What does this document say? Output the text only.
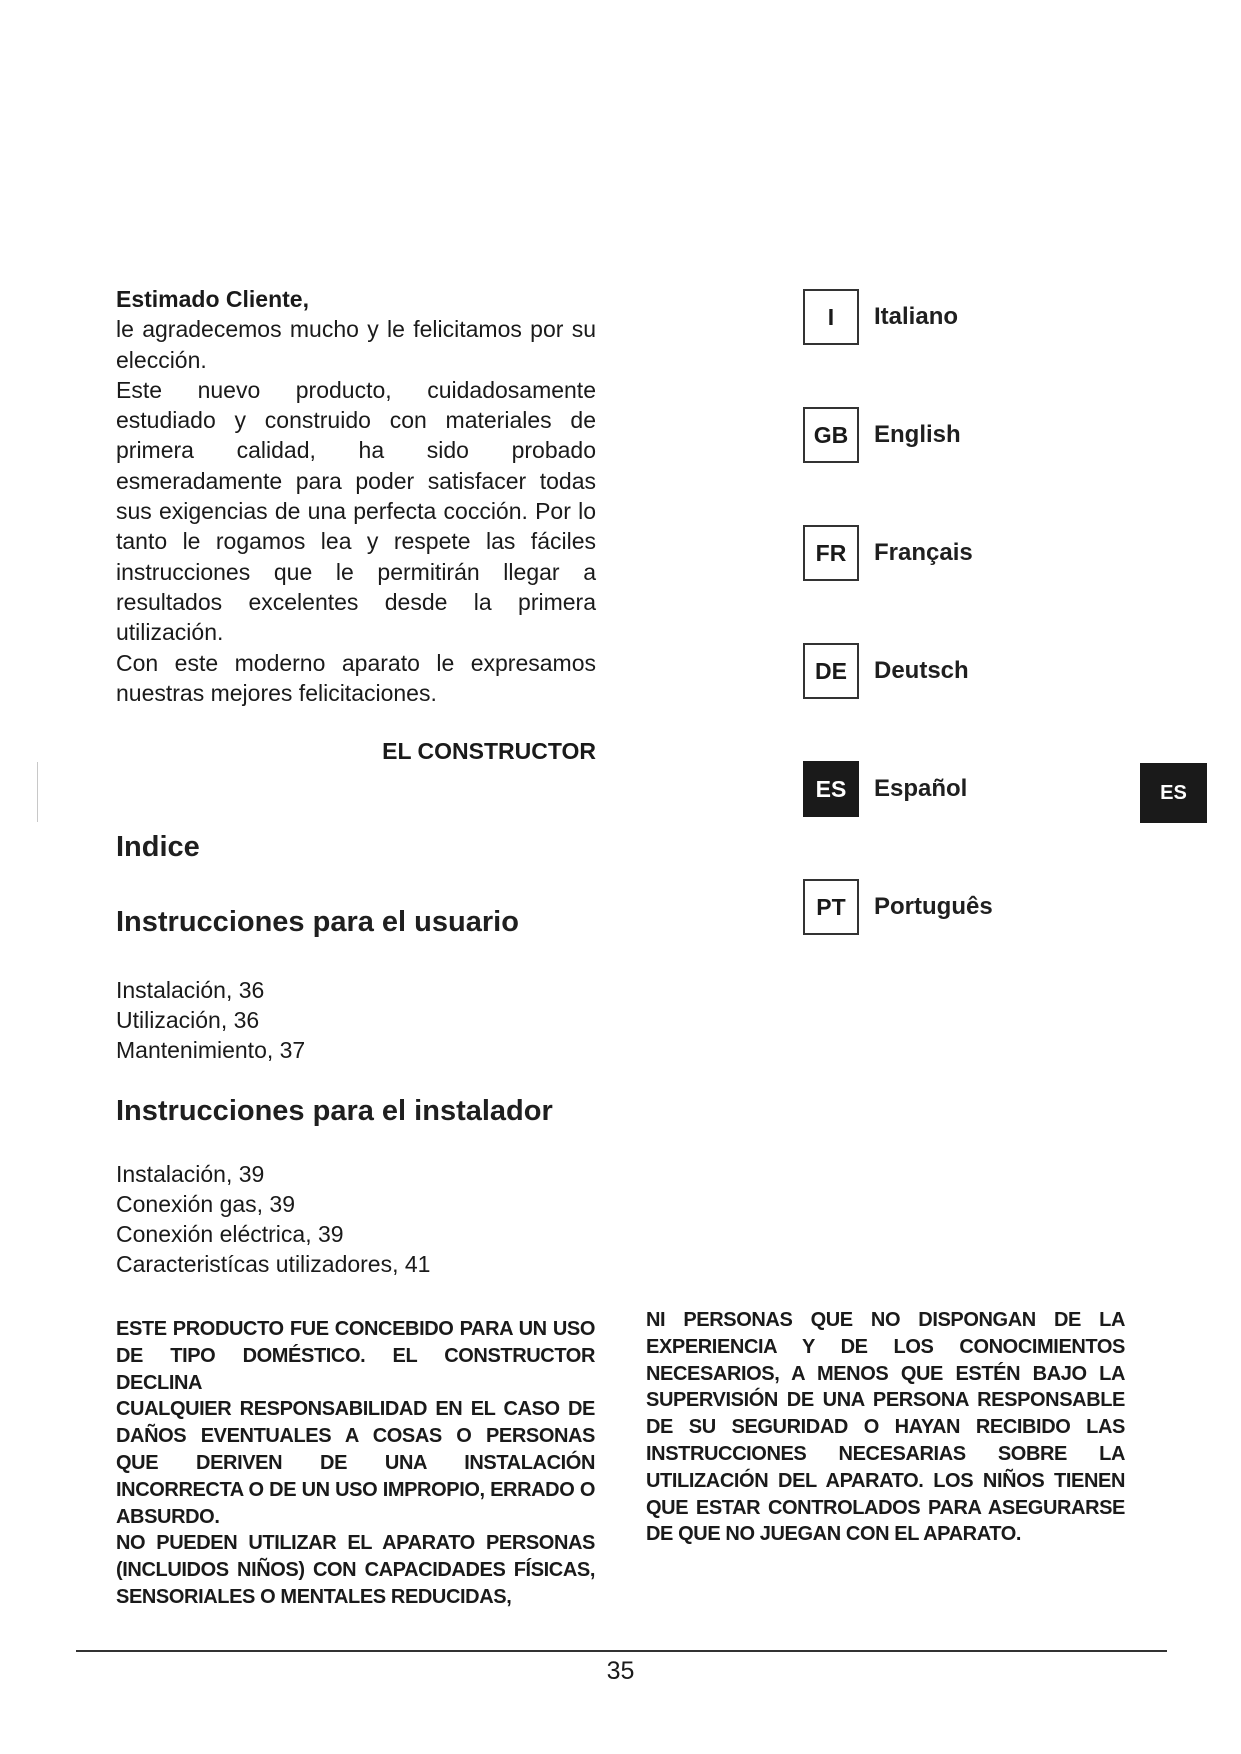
Estimado Cliente,

le agradecemos mucho y le felicitamos por su elección.

Este nuevo producto, cuidadosamente estudiado y construido con materiales de primera calidad, ha sido probado esmeradamente para poder satisfacer todas sus exigencias de una perfecta cocción. Por lo tanto le rogamos lea y respete las fáciles instrucciones que le permitirán llegar a resultados excelentes desde la primera utilización.

Con este moderno aparato le expresamos nuestras mejores felicitaciones.

EL CONSTRUCTOR
Indice
Instrucciones para el usuario
Instalación, 36
Utilización, 36
Mantenimiento, 37
Instrucciones para el instalador
Instalación, 39
Conexión gas, 39
Conexión eléctrica, 39
Caracteristícas utilizadores, 41
I	Italiano
GB	English
FR	Français
DE	Deutsch
ES	Español
PT	Português
ES

ESTE PRODUCTO FUE CONCEBIDO PARA UN USO DE TIPO DOMÉSTICO. EL CONSTRUCTOR DECLINA

CUALQUIER RESPONSABILIDAD EN EL CASO DE DAÑOS EVENTUALES A COSAS O PERSONAS QUE DERIVEN DE UNA INSTALACIÓN INCORRECTA O DE UN USO IMPROPIO, ERRADO O ABSURDO.

NO PUEDEN UTILIZAR EL APARATO PERSONAS (INCLUIDOS NIÑOS) CON CAPACIDADES FÍSICAS, SENSORIALES O MENTALES REDUCIDAS,

NI PERSONAS QUE NO DISPONGAN DE LA EXPERIENCIA Y DE LOS CONOCIMIENTOS NECESARIOS, A MENOS QUE ESTÉN BAJO LA SUPERVISIÓN DE UNA PERSONA RESPONSABLE DE SU SEGURIDAD O HAYAN RECIBIDO LAS INSTRUCCIONES NECESARIAS SOBRE LA UTILIZACIÓN DEL APARATO. LOS NIÑOS TIENEN QUE ESTAR CONTROLADOS PARA ASEGURARSE DE QUE NO JUEGAN CON EL APARATO.

35
